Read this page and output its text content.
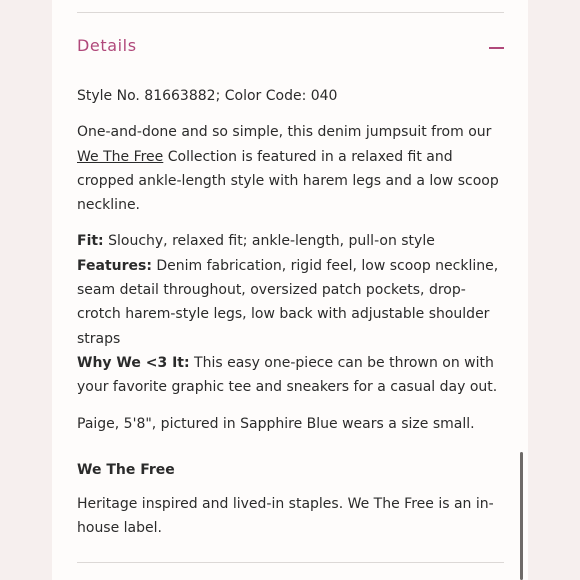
Details

Style No. 81663882; Color Code: 040

One-and-done and so simple, this denim jumpsuit from our
We The Free Collection is featured in a relaxed fit and cropped ankle-length style with harem legs and a low scoop neckline.

Fit: Slouchy, relaxed fit; ankle-length, pull-on style
Features: Denim fabrication, rigid feel, low scoop neckline, seam detail throughout, oversized patch pockets, drop-crotch harem-style legs, low back with adjustable shoulder straps
Why We <3 It: This easy one-piece can be thrown on with your favorite graphic tee and sneakers for a casual day out.

Paige, 5'8", pictured in Sapphire Blue wears a size small.

We The Free

Heritage inspired and lived-in staples. We The Free is an in-house label.
